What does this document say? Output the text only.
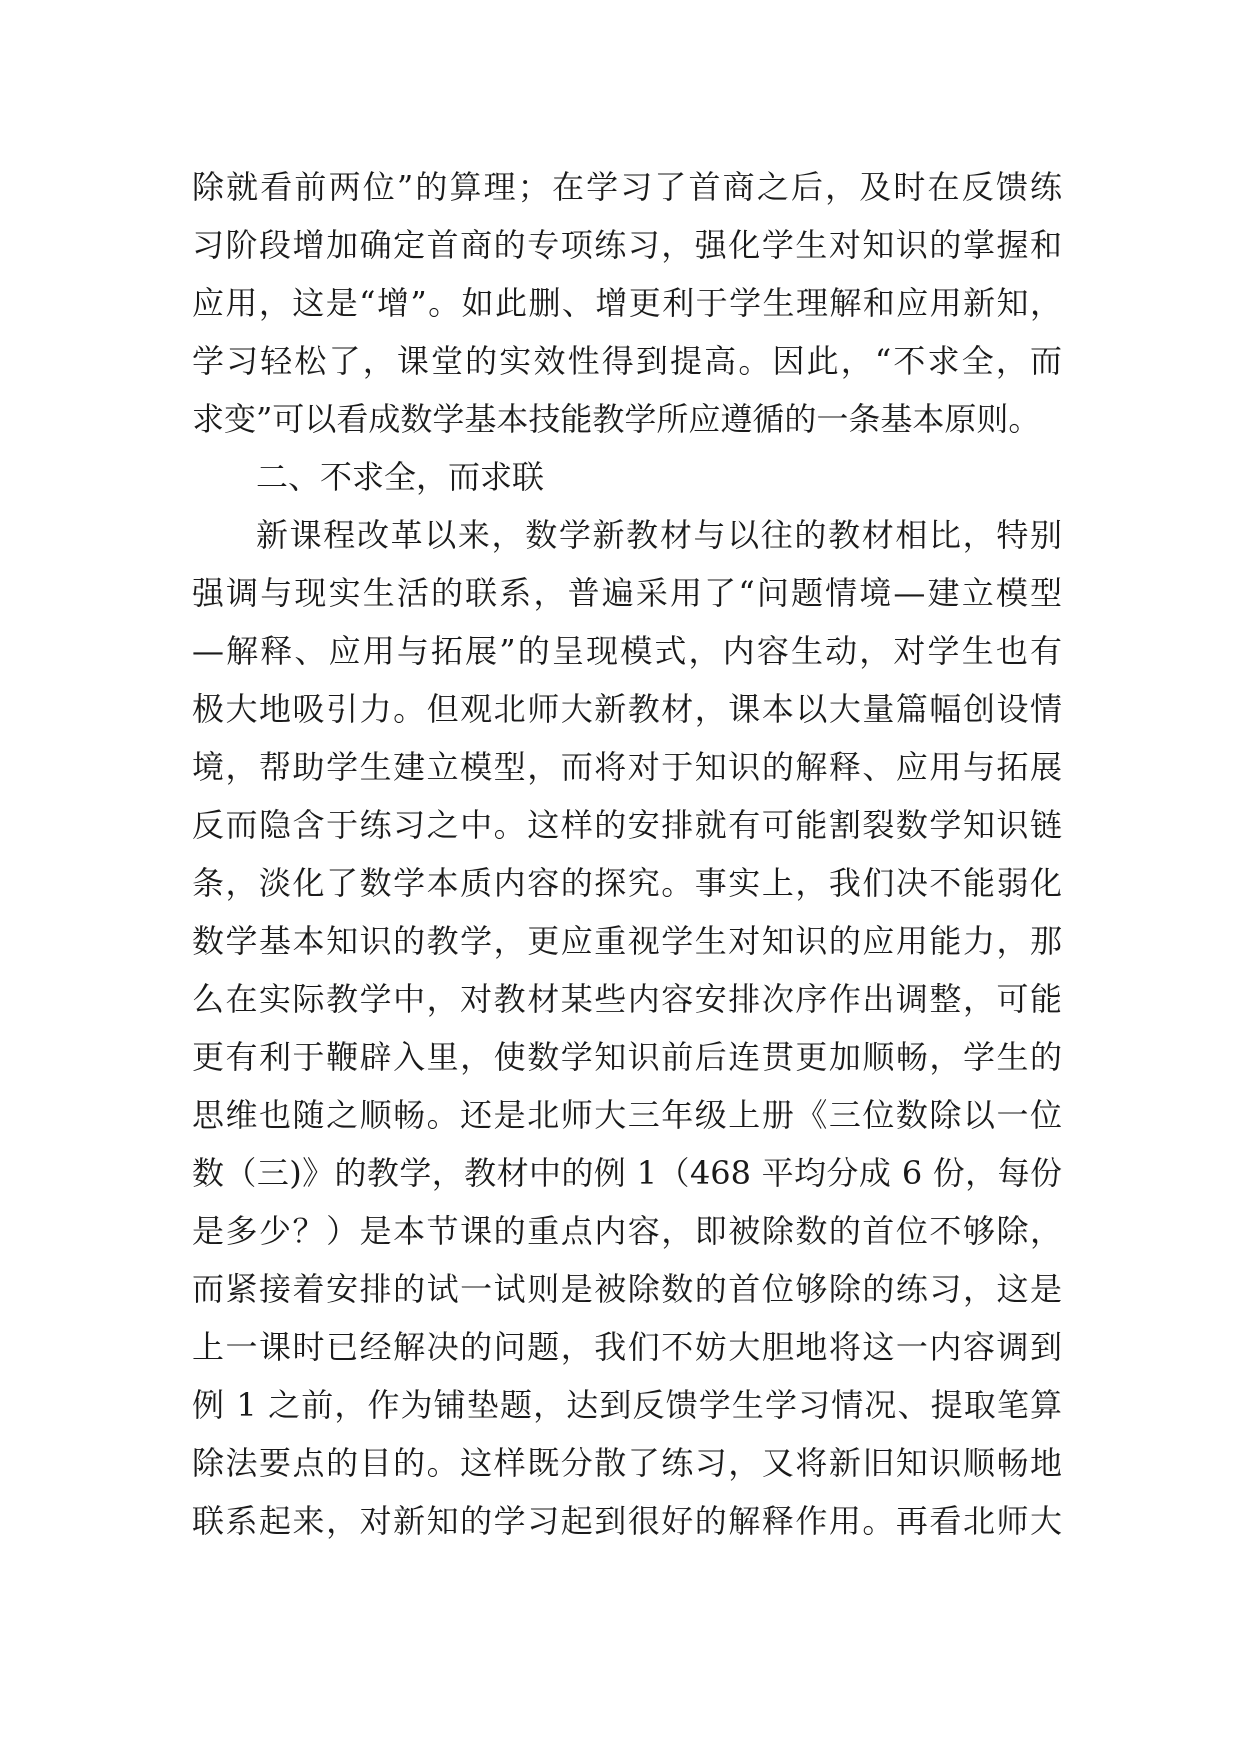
除就看前两位”的算理；在学习了首商之后，及时在反馈练
习阶段增加确定首商的专项练习，强化学生对知识的掌握和
应用，这是“增”。如此删、增更利于学生理解和应用新知，
学习轻松了，课堂的实效性得到提高。因此，“不求全，而
求变”可以看成数学基本技能教学所应遵循的一条基本原则。
二、不求全，而求联
新课程改革以来，数学新教材与以往的教材相比，特别
强调与现实生活的联系，普遍采用了“问题情境—建立模型
—解释、应用与拓展”的呈现模式，内容生动，对学生也有
极大地吸引力。但观北师大新教材，课本以大量篇幅创设情
境，帮助学生建立模型，而将对于知识的解释、应用与拓展
反而隐含于练习之中。这样的安排就有可能割裂数学知识链
条，淡化了数学本质内容的探究。事实上，我们决不能弱化
数学基本知识的教学，更应重视学生对知识的应用能力，那
么在实际教学中，对教材某些内容安排次序作出调整，可能
更有利于鞭辟入里，使数学知识前后连贯更加顺畅，学生的
思维也随之顺畅。还是北师大三年级上册《三位数除以一位
数（三)》的教学，教材中的例 1（468 平均分成 6 份，每份
是多少？）是本节课的重点内容，即被除数的首位不够除，
而紧接着安排的试一试则是被除数的首位够除的练习，这是
上一课时已经解决的问题，我们不妨大胆地将这一内容调到
例 1 之前，作为铺垫题，达到反馈学生学习情况、提取笔算
除法要点的目的。这样既分散了练习，又将新旧知识顺畅地
联系起来，对新知的学习起到很好的解释作用。再看北师大
